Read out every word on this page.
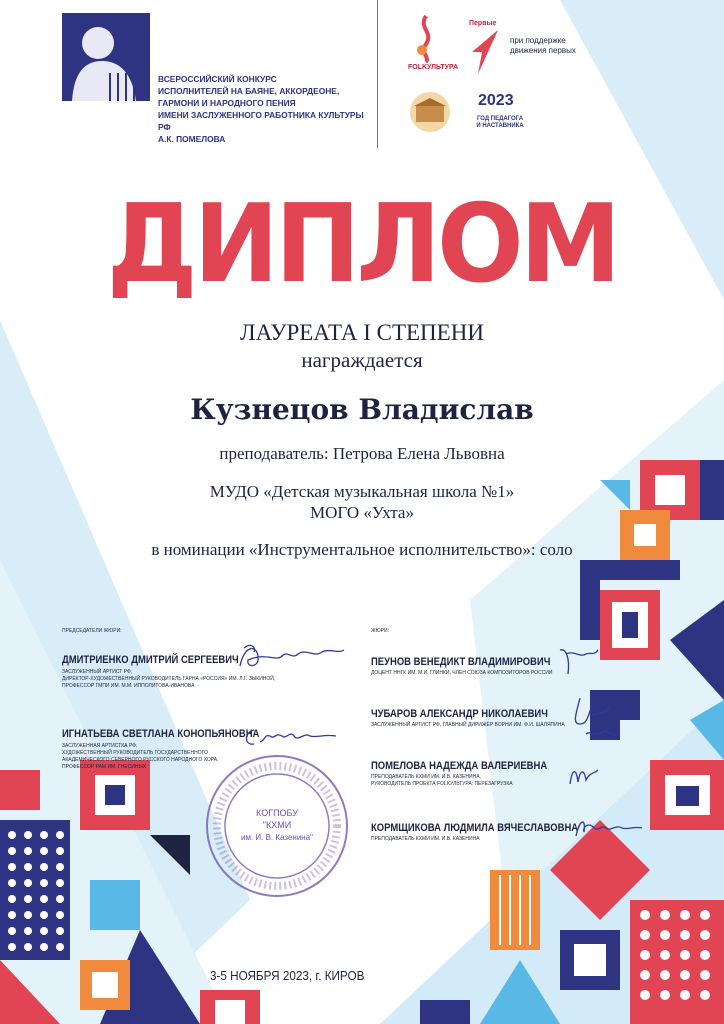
ВСЕРОССИЙСКИЙ КОНКУРС
ИСПОЛНИТЕЛЕЙ НА БАЯНЕ, АККОРДЕОНЕ,
ГАРМОНИ И НАРОДНОГО ПЕНИЯ
ИМЕНИ ЗАСЛУЖЕННОГО РАБОТНИКА КУЛЬТУРЫ РФ
А.К. ПОМЕЛОВА
FOLKУЛЬТУРА
Первые
при поддержке движения первых
2023
ГОД ПЕДАГОГА И НАСТАВНИКА
ДИПЛОМ
ЛАУРЕАТА I СТЕПЕНИ
награждается
Кузнецов Владислав
преподаватель: Петрова Елена Львовна
МУДО «Детская музыкальная школа №1»
МОГО «Ухта»
в номинации «Инструментальное исполнительство»: соло
ПРЕДСЕДАТЕЛИ ЖЮРИ:	ЖЮРИ:
ДМИТРИЕНКО ДМИТРИЙ СЕРГЕЕВИЧ
ЗАСЛУЖЕННЫЙ АРТИСТ РФ,
ДИРЕКТОР-ХУДОЖЕСТВЕННЫЙ РУКОВОДИТЕЛЬ ГАРНА «РОССИЯ» ИМ. Л.Г. ЗЫКИНОЙ,
ПРОФЕССОР ГМПИ ИМ. М.М. ИППОЛИТОВА-ИВАНОВА
ИГНАТЬЕВА СВЕТЛАНА КОНОПЬЯНОВНА
ЗАСЛУЖЕННАЯ АРТИСТКА РФ,
ХУДОЖЕСТВЕННЫЙ РУКОВОДИТЕЛЬ ГОСУДАРСТВЕННОГО
АКАДЕМИЧЕСКОГО СЕВЕРНОГО РУССКОГО НАРОДНОГО ХОРА,
ПРОФЕССОР РАМ ИМ. ГНЕСИНЫХ
КОГПОБУ
"КХМИ
им. И. В. Казенина"
ПЕУНОВ ВЕНЕДИКТ ВЛАДИМИРОВИЧ
ДОЦЕНТ ННГК ИМ. М.И. ГЛИНКИ, ЧЛЕН СОЮЗА КОМПОЗИТОРОВ РОССИИ
ЧУБАРОВ АЛЕКСАНДР НИКОЛАЕВИЧ
ЗАСЛУЖЕННЫЙ АРТИСТ РФ, ГЛАВНЫЙ ДИРИЖЁР ВОРНИ ИМ. Ф.И. ШАЛЯПИНА
ПОМЕЛОВА НАДЕЖДА ВАЛЕРИЕВНА
ПРЕПОДАВАТЕЛЬ КХМИ ИМ. И.В. КАЗЕНИНА,
РУКОВОДИТЕЛЬ ПРОЕКТА FOLKУЛЬТУРА: ПЕРЕЗАГРУЗКА
КОРМЩИКОВА ЛЮДМИЛА ВЯЧЕСЛАВОВНА
ПРЕПОДАВАТЕЛЬ КХМИ ИМ. И.В. КАЗЕНИНА
3-5 НОЯБРЯ 2023, г. КИРОВ
